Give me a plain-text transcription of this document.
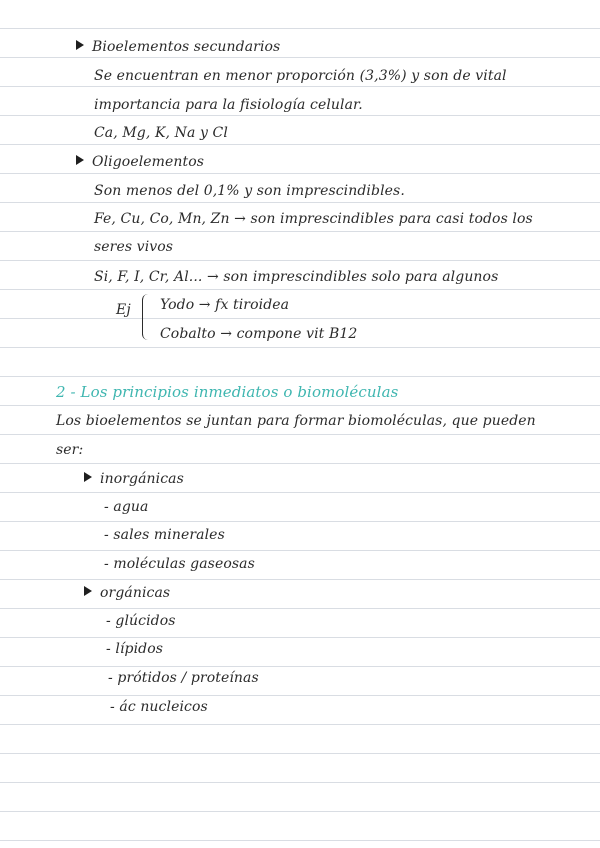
Bioelementos secundarios
Se encuentran en menor proporción (3,3%) y son de vital
importancia para la fisiología celular.
Ca, Mg, K, Na y Cl
Oligoelementos
Son menos del 0,1% y son imprescindibles.
Fe, Cu, Co, Mn, Zn → son imprescindibles para casi todos los
seres vivos
Si, F, I, Cr, Al... → son imprescindibles solo para algunos
Ej Yodo → fx tiroidea
Cobalto → compone vit B12
2 - Los principios inmediatos o biomoléculas
Los bioelementos se juntan para formar biomoléculas, que pueden
ser:
inorgánicas
- agua
- sales minerales
- moléculas gaseosas
orgánicas
- glúcidos
- lípidos
- prótidos / proteínas
- ác nucleicos
